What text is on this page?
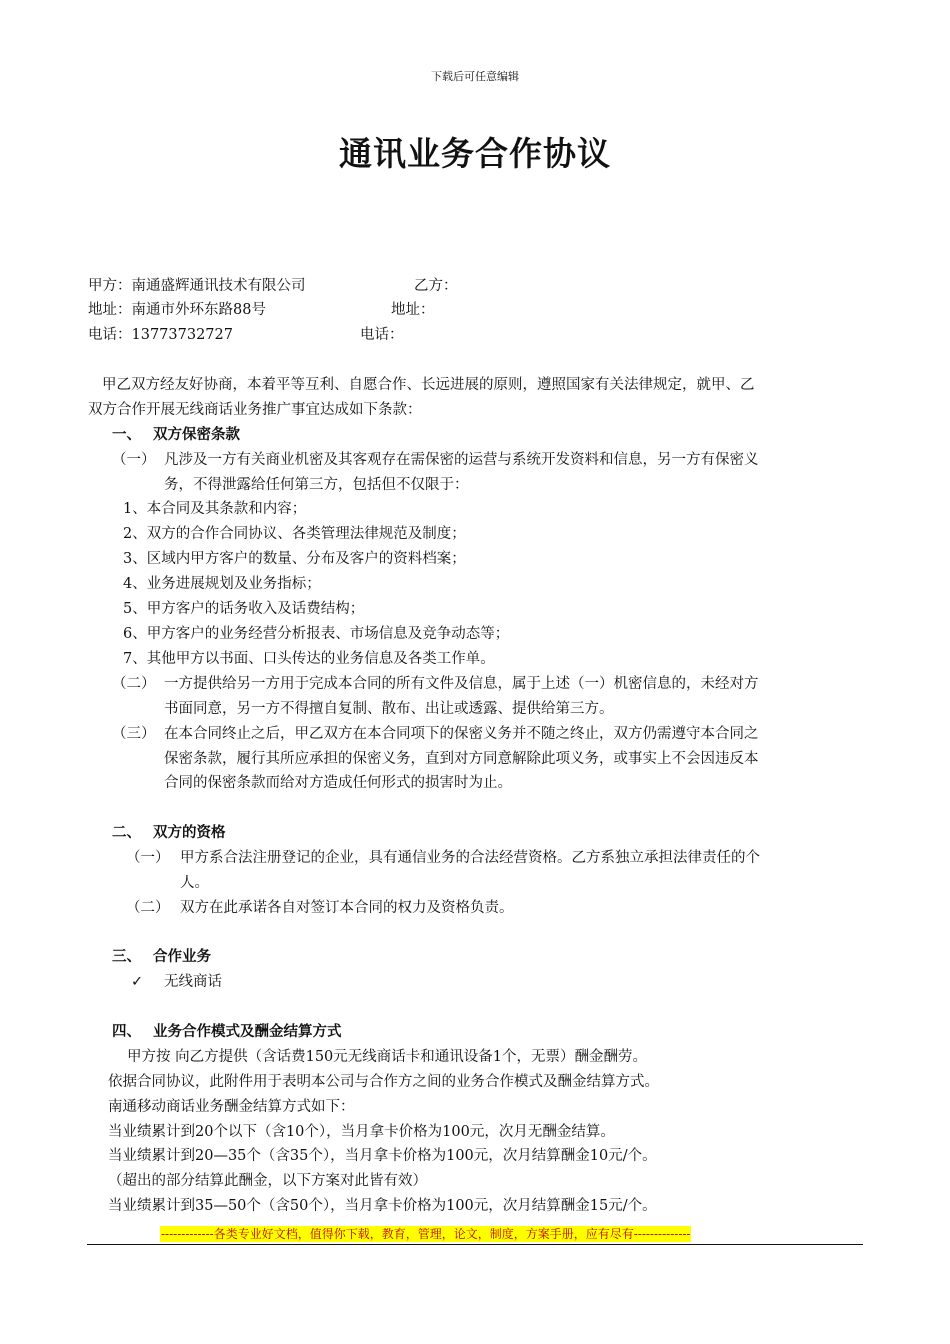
下载后可任意编辑
通讯业务合作协议
甲方：南通盛辉通讯技术有限公司	乙方：
地址：南通市外环东路88号	地址：
电话：13773732727	电话：
甲乙双方经友好协商，本着平等互利、自愿合作、长远进展的原则，遵照国家有关法律规定，就甲、乙
双方合作开展无线商话业务推广事宜达成如下条款：
一、 双方保密条款
（一） 凡涉及一方有关商业机密及其客观存在需保密的运营与系统开发资料和信息，另一方有保密义
务，不得泄露给任何第三方，包括但不仅限于：
1、本合同及其条款和内容；
2、双方的合作合同协议、各类管理法律规范及制度；
3、区域内甲方客户的数量、分布及客户的资料档案；
4、业务进展规划及业务指标；
5、甲方客户的话务收入及话费结构；
6、甲方客户的业务经营分析报表、市场信息及竞争动态等；
7、其他甲方以书面、口头传达的业务信息及各类工作单。
（二） 一方提供给另一方用于完成本合同的所有文件及信息，属于上述（一）机密信息的，未经对方
书面同意，另一方不得擅自复制、散布、出让或透露、提供给第三方。
（三） 在本合同终止之后，甲乙双方在本合同项下的保密义务并不随之终止，双方仍需遵守本合同之
保密条款，履行其所应承担的保密义务，直到对方同意解除此项义务，或事实上不会因违反本
合同的保密条款而给对方造成任何形式的损害时为止。
二、 双方的资格
（一） 甲方系合法注册登记的企业，具有通信业务的合法经营资格。乙方系独立承担法律责任的个
人。
（二） 双方在此承诺各自对签订本合同的权力及资格负责。
三、 合作业务
✓ 无线商话
四、 业务合作模式及酬金结算方式
甲方按 向乙方提供（含话费150元无线商话卡和通讯设备1个，无票）酬金酬劳。
依据合同协议，此附件用于表明本公司与合作方之间的业务合作模式及酬金结算方式。
南通移动商话业务酬金结算方式如下：
当业绩累计到20个以下（含10个），当月拿卡价格为100元，次月无酬金结算。
当业绩累计到20—35个（含35个），当月拿卡价格为100元，次月结算酬金10元/个。
（超出的部分结算此酬金，以下方案对此皆有效）
当业绩累计到35—50个（含50个），当月拿卡价格为100元，次月结算酬金15元/个。
-------------各类专业好文档，值得你下载，教育，管理，论文，制度，方案手册，应有尽有--------------
